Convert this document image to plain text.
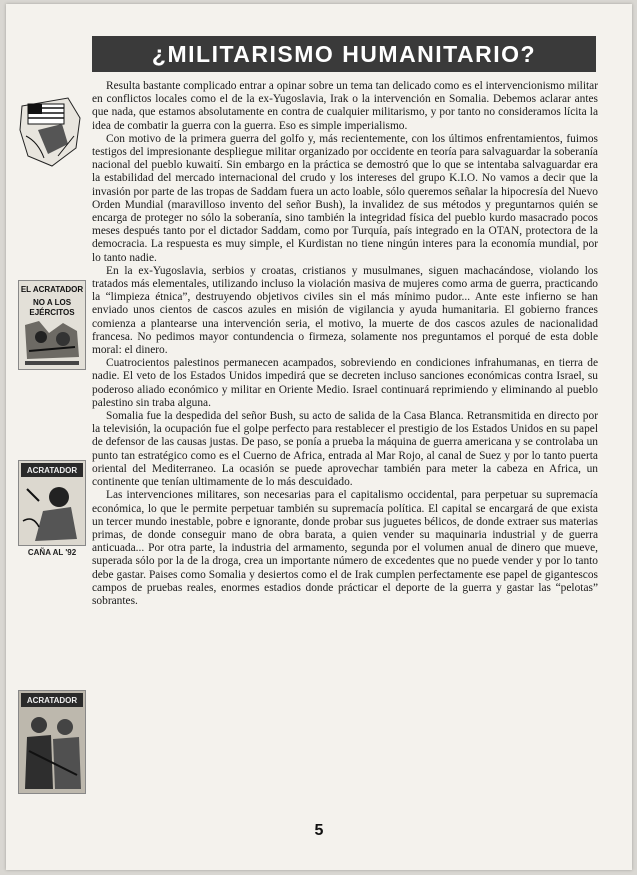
¿MILITARISMO HUMANITARIO?
EL ACRATADOR
NO A LOS
EJÉRCITOS
ACRATADOR
CAÑA AL '92
ACRATADOR

Resulta bastante complicado entrar a opinar sobre un tema tan delicado como es el intervencionismo militar en conflictos locales como el de la ex-Yugoslavia, Irak o la intervención en Somalia. Debemos aclarar antes que nada, que estamos absolutamente en contra de cualquier militarismo, y por tanto no consideramos lícita la idea de combatir la guerra con la guerra. Eso es simple imperialismo.

Con motivo de la primera guerra del golfo y, más recientemente, con los últimos enfrentamientos, fuimos testigos del impresionante despliegue militar organizado por occidente en teoría para salvaguardar la soberanía nacional del pueblo kuwaití. Sin embargo en la práctica se demostró que lo que se intentaba salvaguardar era la estabilidad del mercado internacional del crudo y los intereses del grupo K.I.O. No vamos a decir que la invasión por parte de las tropas de Saddam fuera un acto loable, sólo queremos señalar la hipocresía del Nuevo Orden Mundial (maravilloso invento del señor Bush), la invalidez de sus métodos y preguntarnos quién se encarga de proteger no sólo la soberanía, sino también la integridad física del pueblo kurdo masacrado pocos meses después tanto por el dictador Saddam, como por Turquía, país integrado en la OTAN, protectora de la democracia. La respuesta es muy simple, el Kurdistan no tiene ningún interes para la economía mundial, por lo tanto nadie.

En la ex-Yugoslavia, serbios y croatas, cristianos y musulmanes, siguen machacándose, violando los tratados más elementales, utilizando incluso la violación masiva de mujeres como arma de guerra, practicando la “limpieza étnica”, destruyendo objetivos civiles sin el más mínimo pudor... Ante este infierno se han enviado unos cientos de cascos azules en misión de vigilancia y ayuda humanitaria. El gobierno frances comienza a plantearse una intervención seria, el motivo, la muerte de dos cascos azules de nacionalidad francesa. No pedimos mayor contundencia o firmeza, solamente nos preguntamos el porqué de esta doble moral: el dinero.

Cuatrocientos palestinos permanecen acampados, sobreviendo en condiciones infrahumanas, en tierra de nadie. El veto de los Estados Unidos impedirá que se decreten incluso sanciones económicas contra Israel, su poderoso aliado económico y militar en Oriente Medio. Israel continuará reprimiendo y eliminando al pueblo palestino sin traba alguna.

Somalia fue la despedida del señor Bush, su acto de salida de la Casa Blanca. Retransmitida en directo por la televisión, la ocupación fue el golpe perfecto para restablecer el prestigio de los Estados Unidos en su papel de defensor de las causas justas. De paso, se ponía a prueba la máquina de guerra americana y se controlaba un punto tan estratégico como es el Cuerno de Africa, entrada al Mar Rojo, al canal de Suez y por lo tanto puerta oriental del Mediterraneo. La ocasión se puede aprovechar también para meter la cabeza en Africa, un continente que tenían ultimamente de lo más descuidado.

Las intervenciones militares, son necesarias para el capitalismo occidental, para perpetuar su supremacía económica, lo que le permite perpetuar también su supremacía política. El capital se encargará de que exista un tercer mundo inestable, pobre e ignorante, donde probar sus juguetes bélicos, de donde extraer sus materias primas, de donde conseguir mano de obra barata, a quien vender su maquinaria industrial y de guerra anticuada... Por otra parte, la industria del armamento, segunda por el volumen anual de dinero que mueve, superada sólo por la de la droga, crea un importante número de excedentes que no puede vender y por lo tanto debe gastar. Paises como Somalia y desiertos como el de Irak cumplen perfectamente ese papel de gigantescos campos de pruebas reales, enormes estadios donde prácticar el deporte de la guerra y gastar las “pelotas” sobrantes.

5
